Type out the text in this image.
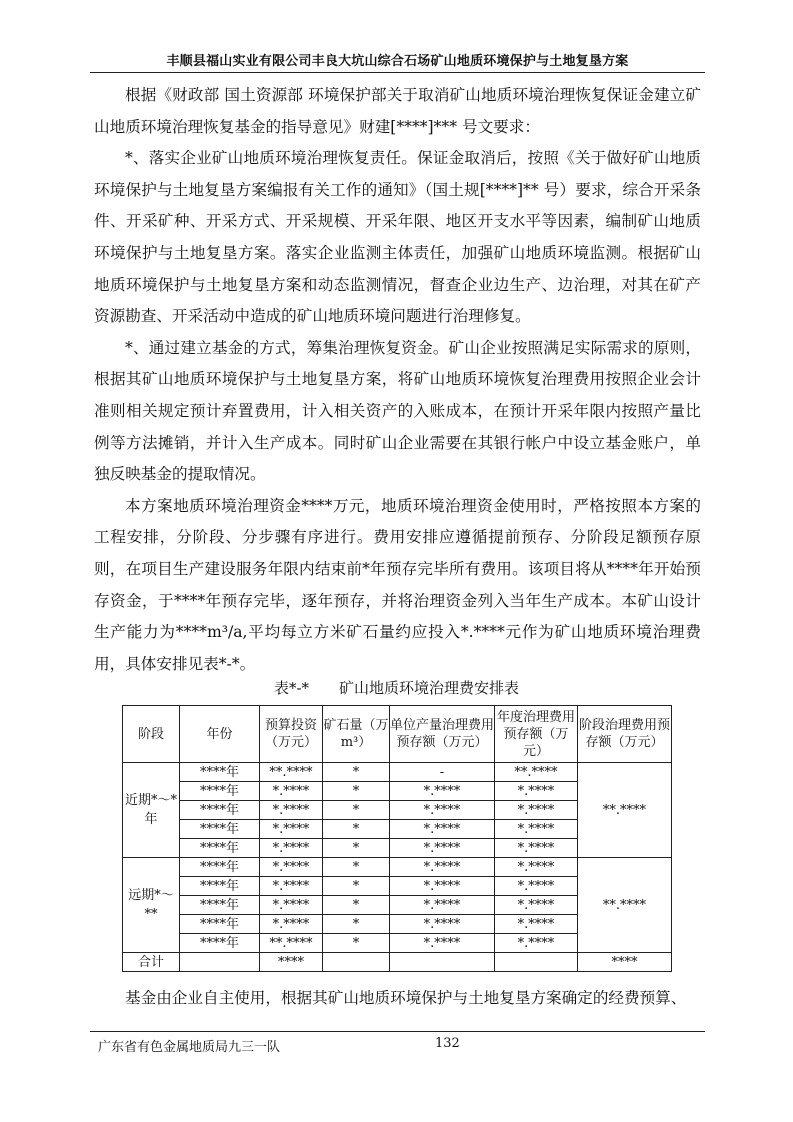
丰顺县福山实业有限公司丰良大坑山综合石场矿山地质环境保护与土地复垦方案

根据《财政部 国土资源部 环境保护部关于取消矿山地质环境治理恢复保证金建立矿山地质环境治理恢复基金的指导意见》财建[****]*** 号文要求：

*、落实企业矿山地质环境治理恢复责任。保证金取消后，按照《关于做好矿山地质环境保护与土地复垦方案编报有关工作的通知》（国土规[****]** 号）要求，综合开采条件、开采矿种、开采方式、开采规模、开采年限、地区开支水平等因素，编制矿山地质环境保护与土地复垦方案。落实企业监测主体责任，加强矿山地质环境监测。根据矿山地质环境保护与土地复垦方案和动态监测情况，督查企业边生产、边治理，对其在矿产资源勘查、开采活动中造成的矿山地质环境问题进行治理修复。

*、通过建立基金的方式，筹集治理恢复资金。矿山企业按照满足实际需求的原则，根据其矿山地质环境保护与土地复垦方案，将矿山地质环境恢复治理费用按照企业会计准则相关规定预计弃置费用，计入相关资产的入账成本，在预计开采年限内按照产量比例等方法摊销，并计入生产成本。同时矿山企业需要在其银行帐户中设立基金账户，单独反映基金的提取情况。

本方案地质环境治理资金****万元，地质环境治理资金使用时，严格按照本方案的工程安排，分阶段、分步骤有序进行。费用安排应遵循提前预存、分阶段足额预存原则，在项目生产建设服务年限内结束前*年预存完毕所有费用。该项目将从****年开始预存资金，于****年预存完毕，逐年预存，并将治理资金列入当年生产成本。本矿山设计生产能力为****m³/a,平均每立方米矿石量约应投入*.****元作为矿山地质环境治理费用，具体安排见表*-*。

表*-* 矿山地质环境治理费安排表
阶段	年份	预算投资（万元）	矿石量（万m³）	单位产量治理费用预存额（万元）	年度治理费用预存额（万元）	阶段治理费用预存额（万元）
近期*～*年	****年	**.****	*	-	**.****	**.****
	****年	*.****	*	*.****	*.****	
	****年	*.****	*	*.****	*.****	
	****年	*.****	*	*.****	*.****	
	****年	*.****	*	*.****	*.****	
远期*～**	****年	*.****	*	*.****	*.****	**.****
	****年	*.****	*	*.****	*.****	
	****年	*.****	*	*.****	*.****	
	****年	*.****	*	*.****	*.****	
	****年	**.****	*	*.****	*.****	
合计		****				****

基金由企业自主使用，根据其矿山地质环境保护与土地复垦方案确定的经费预算、

广东省有色金属地质局九三一队	132
